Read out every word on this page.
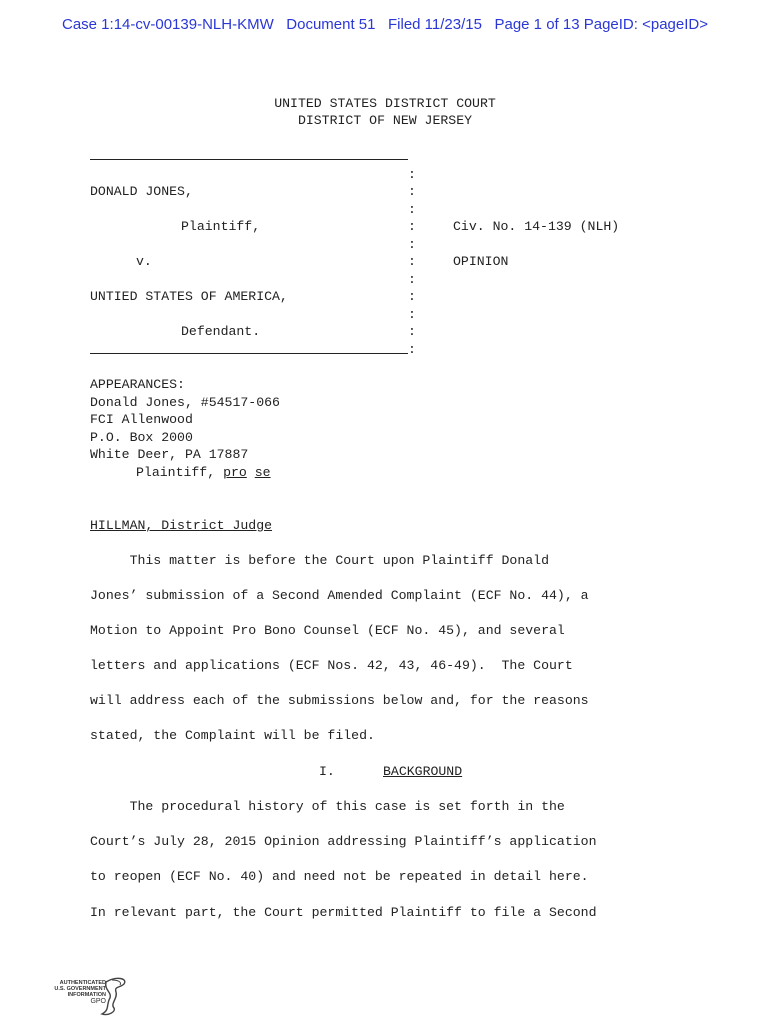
Case 1:14-cv-00139-NLH-KMW Document 51 Filed 11/23/15 Page 1 of 13 PageID: <pageID>
UNITED STATES DISTRICT COURT
DISTRICT OF NEW JERSEY
:
:
:
:
:
:
:
:
:
:
:
DONALD JONES,
Plaintiff,	Civ. No. 14-139 (NLH)
v.	OPINION
UNTIED STATES OF AMERICA,
Defendant.
APPEARANCES:
Donald Jones, #54517-066
FCI Allenwood
P.O. Box 2000
White Deer, PA 17887
Plaintiff, pro se
HILLMAN, District Judge
This matter is before the Court upon Plaintiff Donald
Jones’ submission of a Second Amended Complaint (ECF No. 44), a
Motion to Appoint Pro Bono Counsel (ECF No. 45), and several
letters and applications (ECF Nos. 42, 43, 46-49).  The Court
will address each of the submissions below and, for the reasons
stated, the Complaint will be filed.
I.	BACKGROUND
The procedural history of this case is set forth in the
Court’s July 28, 2015 Opinion addressing Plaintiff’s application
to reopen (ECF No. 40) and need not be repeated in detail here.
In relevant part, the Court permitted Plaintiff to file a Second
AUTHENTICATED
U.S. GOVERNMENT
INFORMATION
GPO
